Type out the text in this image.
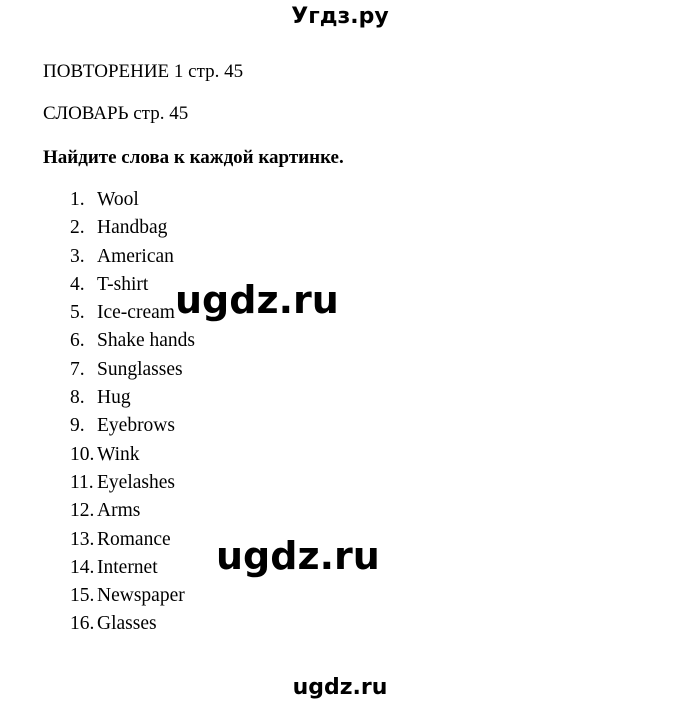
Угдз.ру
ПОВТОРЕНИЕ 1 стр. 45
СЛОВАРЬ стр. 45
Найдите слова к каждой картинке.
1. Wool
2. Handbag
3. American
4. T-shirt
5. Ice-cream
6. Shake hands
7. Sunglasses
8. Hug
9. Eyebrows
10. Wink
11. Eyelashes
12. Arms
13. Romance
14. Internet
15. Newspaper
16. Glasses
ugdz.ru
ugdz.ru
ugdz.ru
